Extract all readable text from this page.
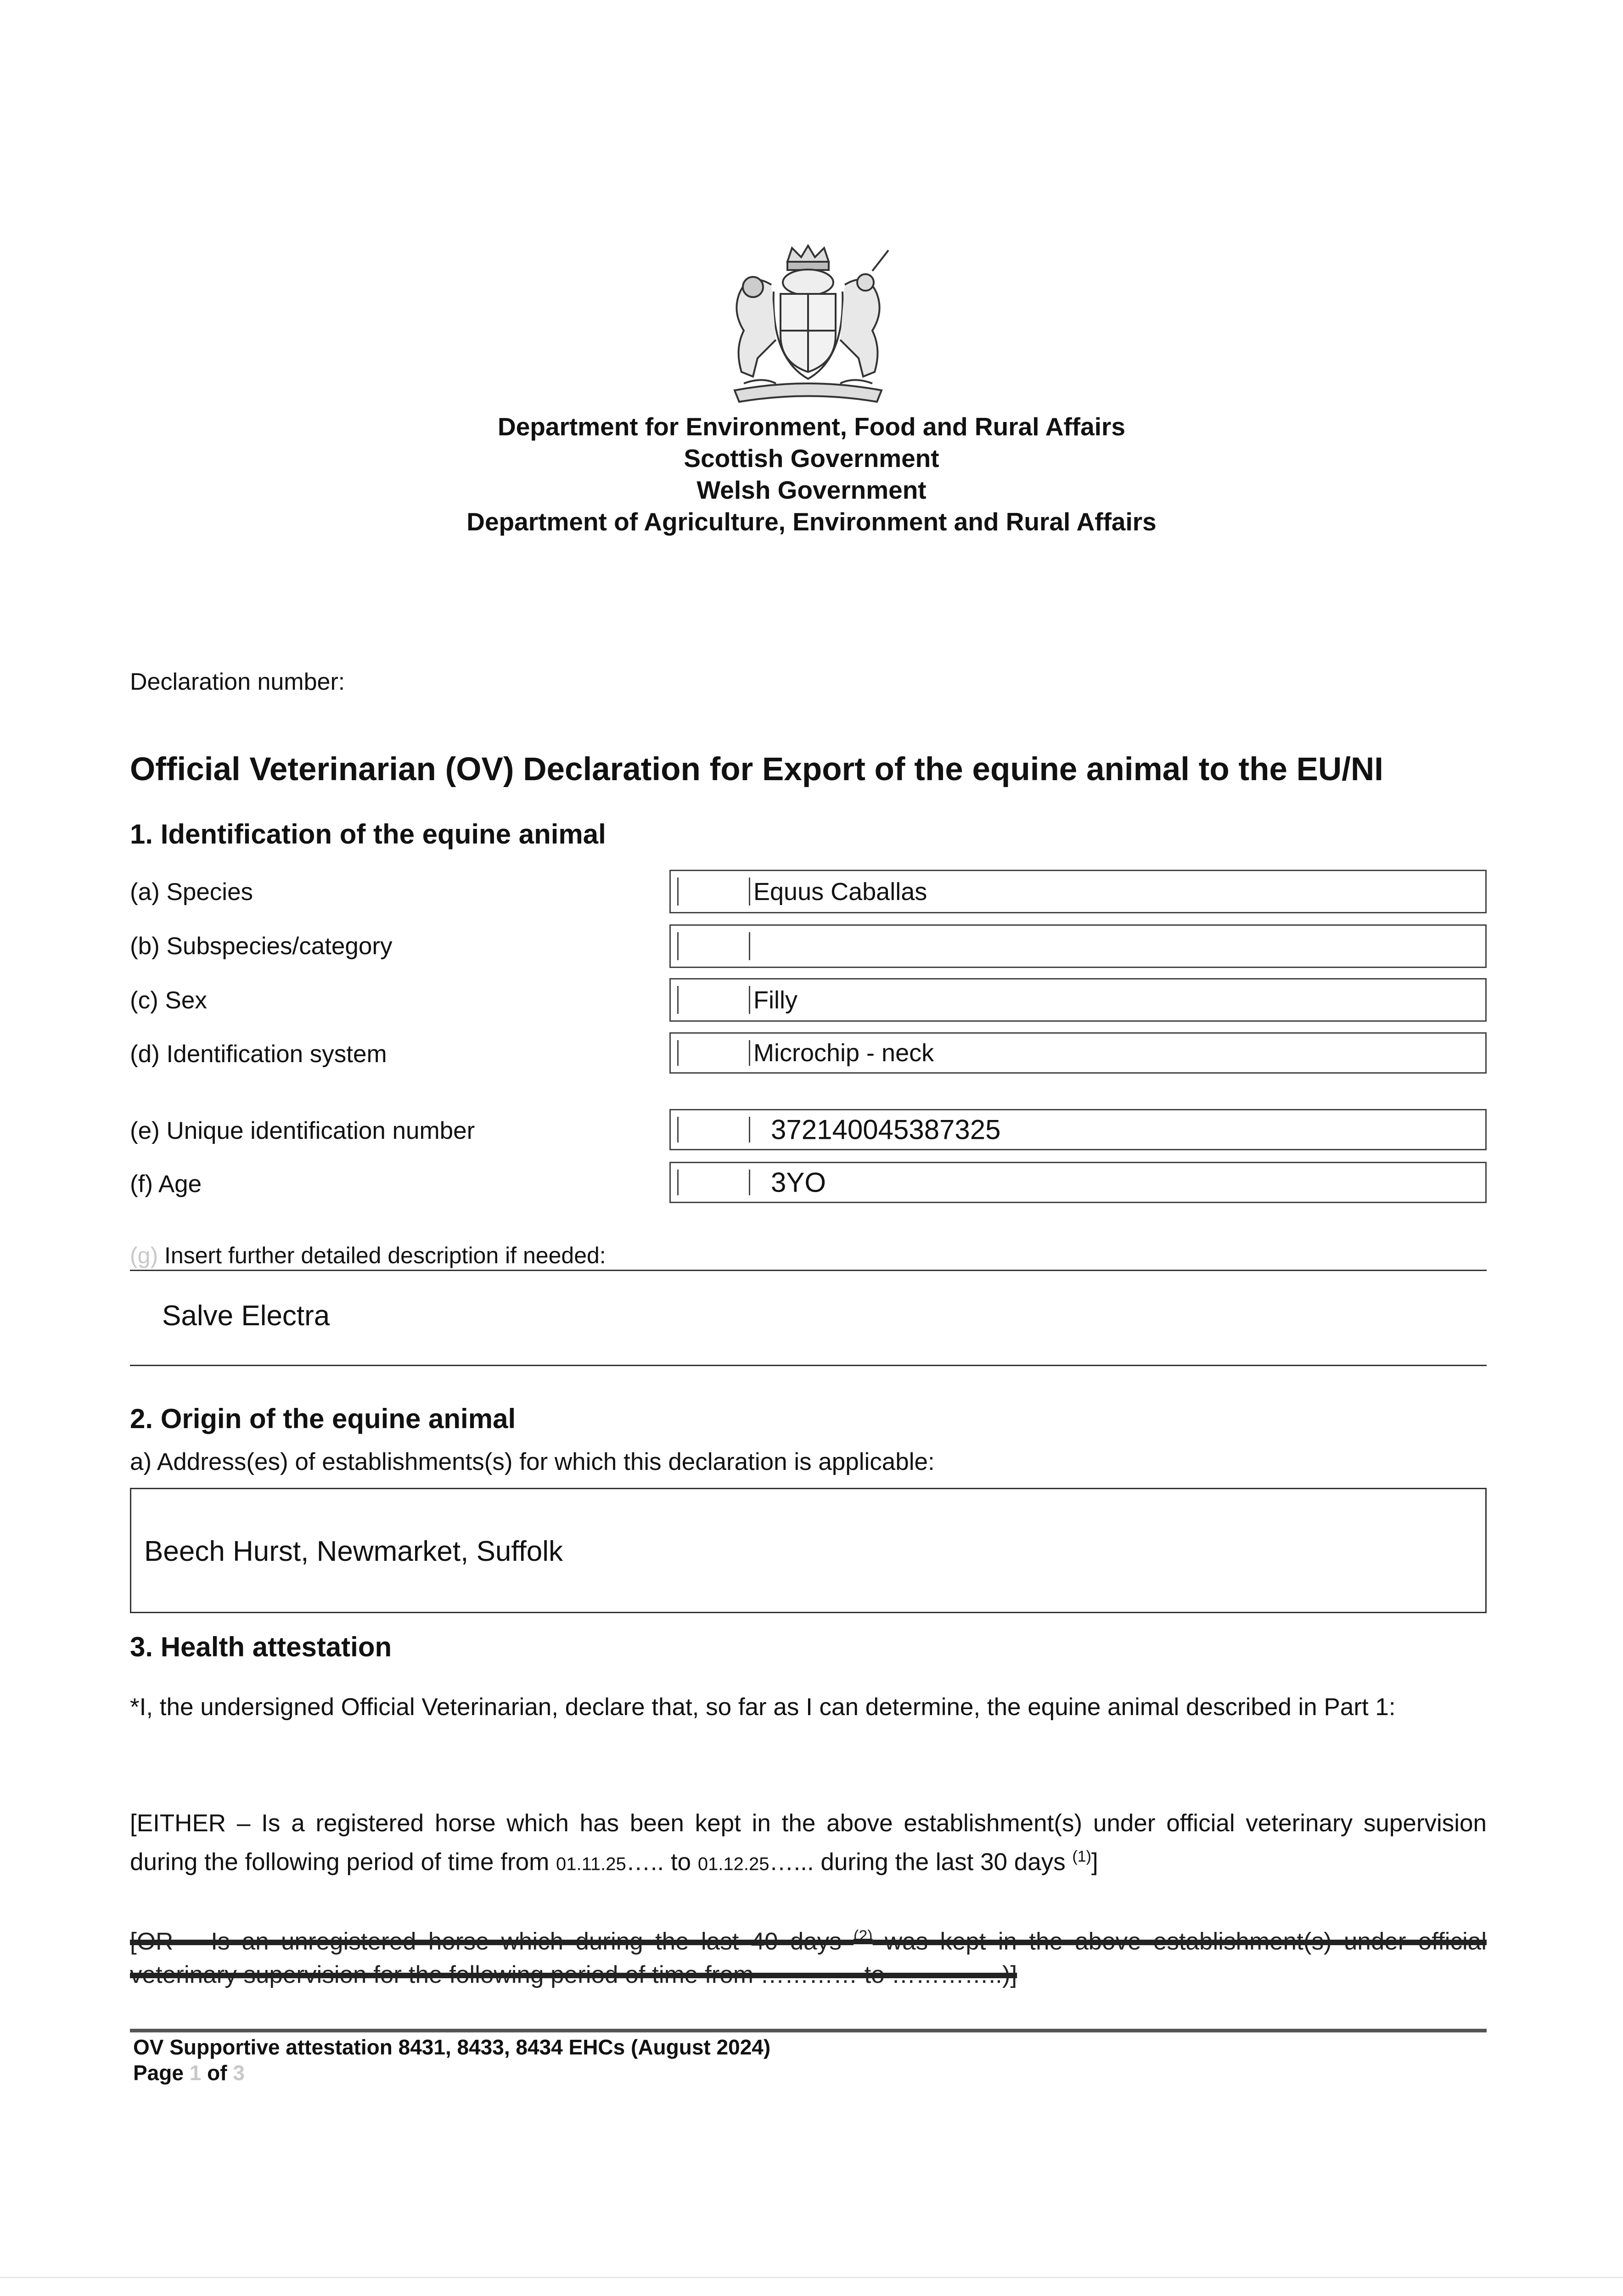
Department for Environment, Food and Rural Affairs
Scottish Government
Welsh Government
Department of Agriculture, Environment and Rural Affairs
Declaration number:
Official Veterinarian (OV) Declaration for Export of the equine animal to the EU/NI
1. Identification of the equine animal
(a) Species	Equus Caballas
(b) Subspecies/category
(c) Sex	Filly
(d) Identification system	Microchip - neck
(e) Unique identification number	372140045387325
(f) Age	3YO
(g) Insert further detailed description if needed:
Salve Electra
2. Origin of the equine animal
a) Address(es) of establishments(s) for which this declaration is applicable:
Beech Hurst, Newmarket, Suffolk
3. Health attestation
*I, the undersigned Official Veterinarian, declare that, so far as I can determine, the equine animal described in Part 1:
[EITHER – Is a registered horse which has been kept in the above establishment(s) under official veterinary supervision during the following period of time from 01.11.25….. to 01.12.25…... during the last 30 days $^{(1)}$]
[OR – Is an unregistered horse which during the last 40 days $^{(2)}$ was kept in the above establishment(s) under official veterinary supervision for the following period of time from ………… to …………..)]
OV Supportive attestation 8431, 8433, 8434 EHCs (August 2024)
Page 1 of 3
